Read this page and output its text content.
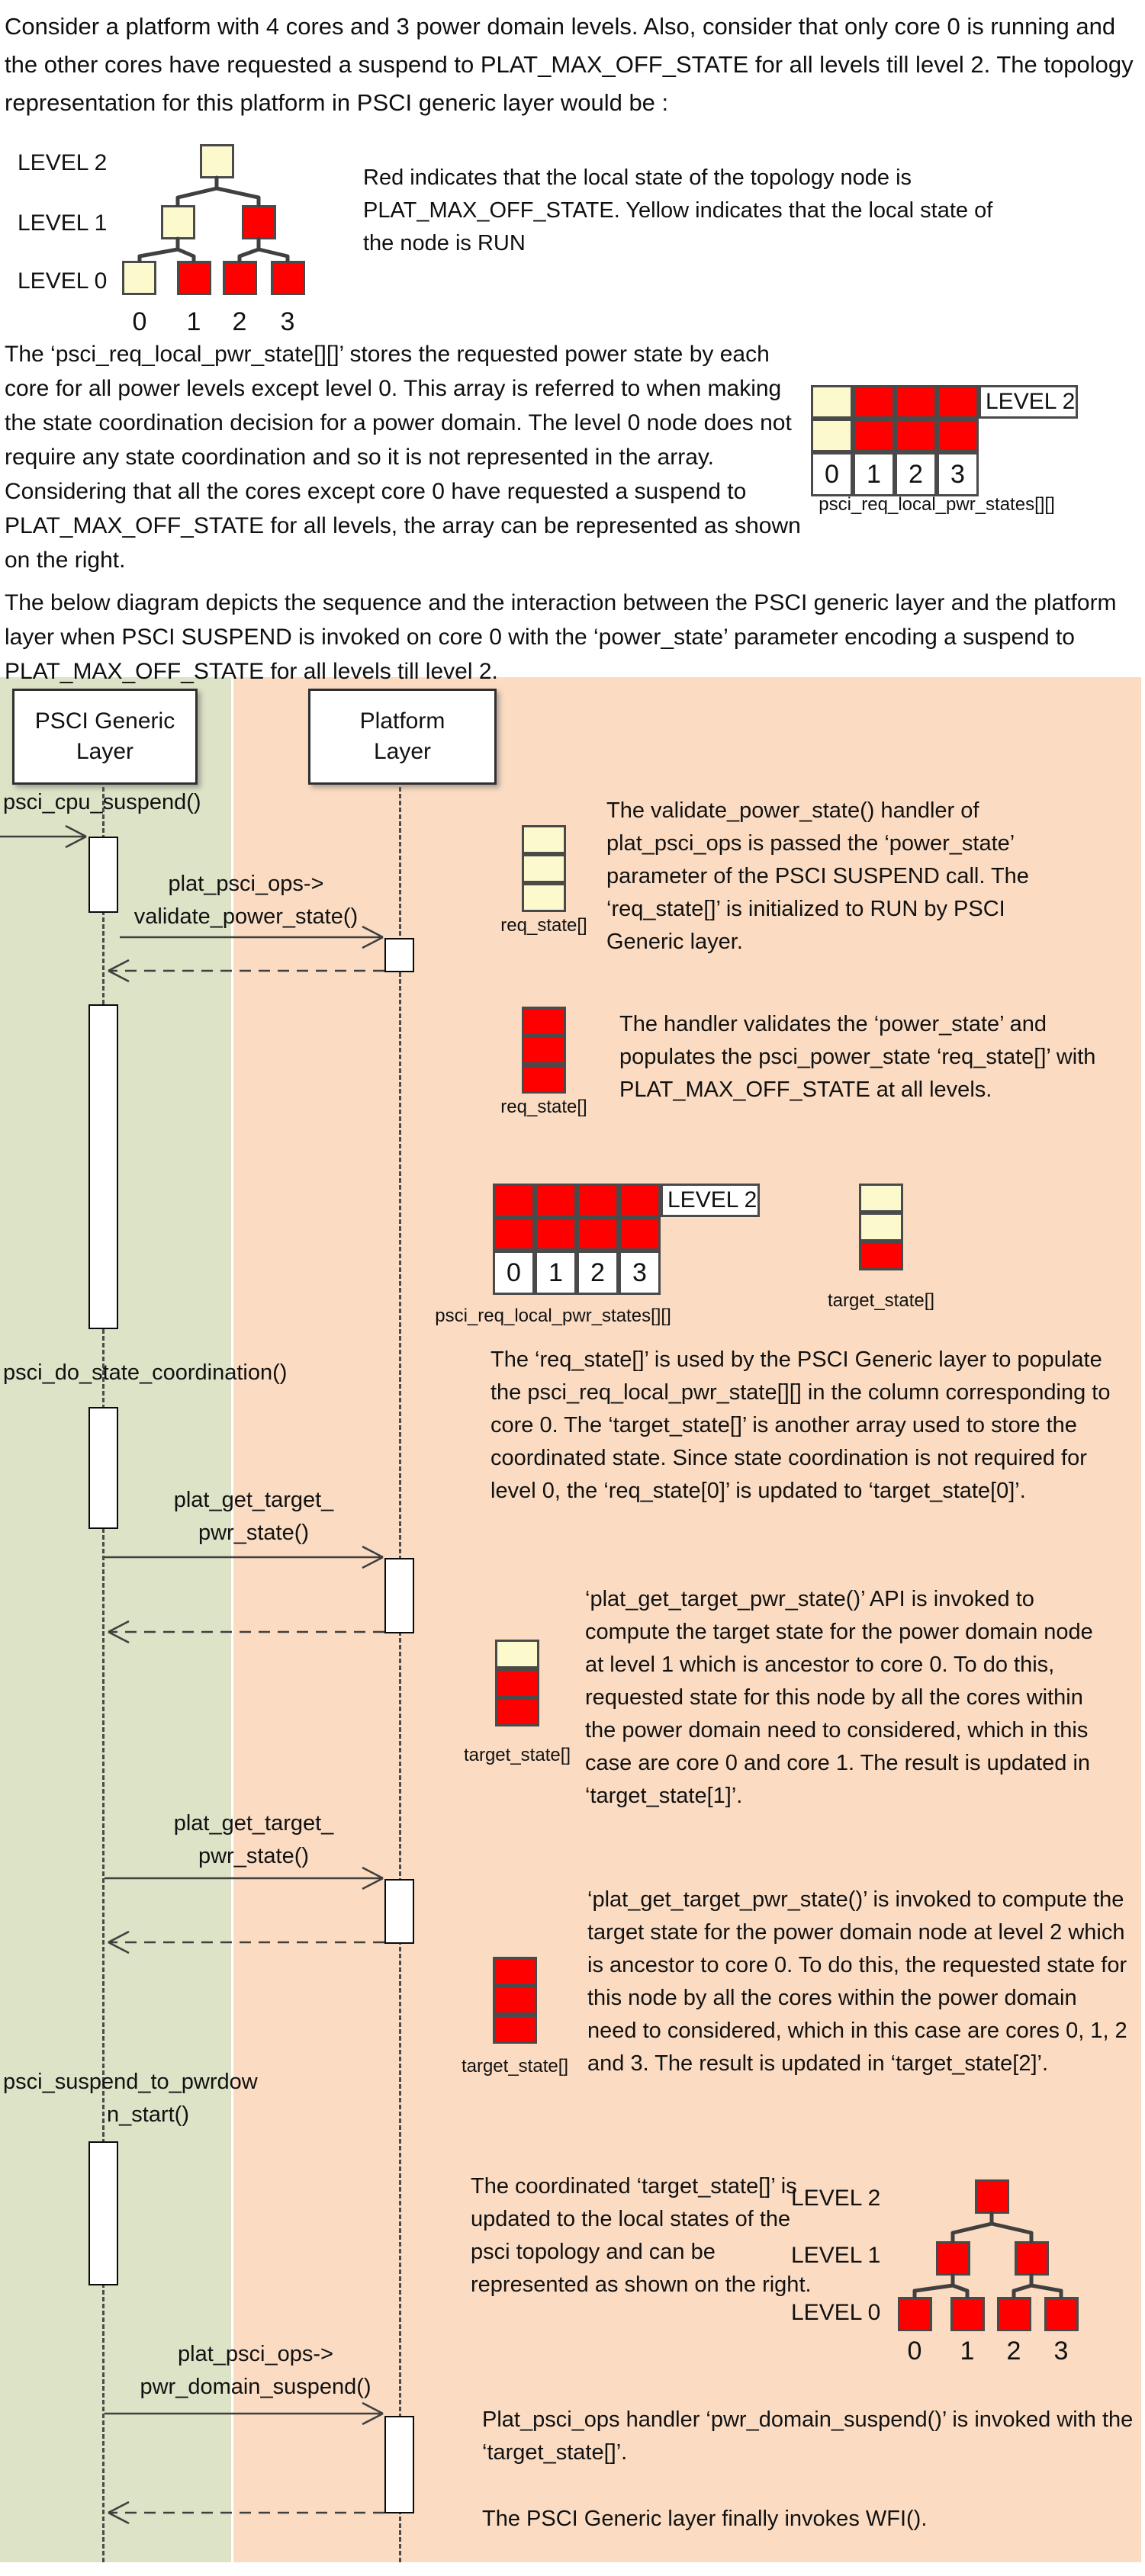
Consider a platform with 4 cores and 3 power domain levels. Also, consider that only core 0 is running and the other cores have requested a suspend to PLAT_MAX_OFF_STATE for all levels till level 2. The topology representation for this platform in PSCI generic layer would be :
Red indicates that the local state of the topology node is PLAT_MAX_OFF_STATE. Yellow indicates that the local state of the node is RUN
The ‘psci_req_local_pwr_state[][]’ stores the requested power state by each core for all power levels except level 0. This array is referred to when making the state coordination decision for a power domain. The level 0 node does not require any state coordination and so it is not represented in the array. Considering that all the cores except core 0 have requested a suspend to PLAT_MAX_OFF_STATE for all levels, the array can be represented as shown on the right.
The below diagram depicts the sequence and the interaction between the PSCI generic layer and the platform layer when PSCI SUSPEND is invoked on core 0 with the ‘power_state’ parameter encoding a suspend to PLAT_MAX_OFF_STATE for all levels till level 2.
LEVEL 2
LEVEL 1
LEVEL 0
0	1	2	3
LEVEL 2
0	1	2	3
psci_req_local_pwr_states[][]
PSCI Generic
Layer
Platform
Layer
psci_cpu_suspend()
plat_psci_ops->
validate_power_state()
psci_do_state_coordination()
plat_get_target_
pwr_state()
plat_get_target_
pwr_state()
psci_suspend_to_pwrdow
n_start()
plat_psci_ops->
pwr_domain_suspend()
req_state[]
The validate_power_state() handler of plat_psci_ops is passed the ‘power_state’ parameter of the PSCI SUSPEND call. The ‘req_state[]’ is initialized to RUN by PSCI Generic layer.
req_state[]
The handler validates the ‘power_state’ and populates the psci_power_state ‘req_state[]’ with PLAT_MAX_OFF_STATE at all levels.
LEVEL 2
0	1	2	3
psci_req_local_pwr_states[][]
target_state[]
The ‘req_state[]’ is used by the PSCI Generic layer to populate the psci_req_local_pwr_state[][] in the column corresponding to core 0. The ‘target_state[]’ is another array used to store the coordinated state. Since state coordination is not required for level 0, the ‘req_state[0]’ is updated to ‘target_state[0]’.
target_state[]
‘plat_get_target_pwr_state()’ API is invoked to compute the target state for the power domain node at level 1 which is ancestor to core 0. To do this, requested state for this node by all the cores within the power domain need to considered, which in this case are core 0 and core 1. The result is updated in ‘target_state[1]’.
target_state[]
‘plat_get_target_pwr_state()’ is invoked to compute the target state for the power domain node at level 2 which is ancestor to core 0. To do this, the requested state for this node by all the cores within the power domain need to considered, which in this case are cores 0, 1, 2 and 3. The result is updated in ‘target_state[2]’.
The coordinated ‘target_state[]’ is updated to the local states of the psci topology and can be represented as shown on the right.
LEVEL 2
LEVEL 1
LEVEL 0
0	1	2	3
Plat_psci_ops handler ‘pwr_domain_suspend()’ is invoked with the ‘target_state[]’.
The PSCI Generic layer finally invokes WFI().
